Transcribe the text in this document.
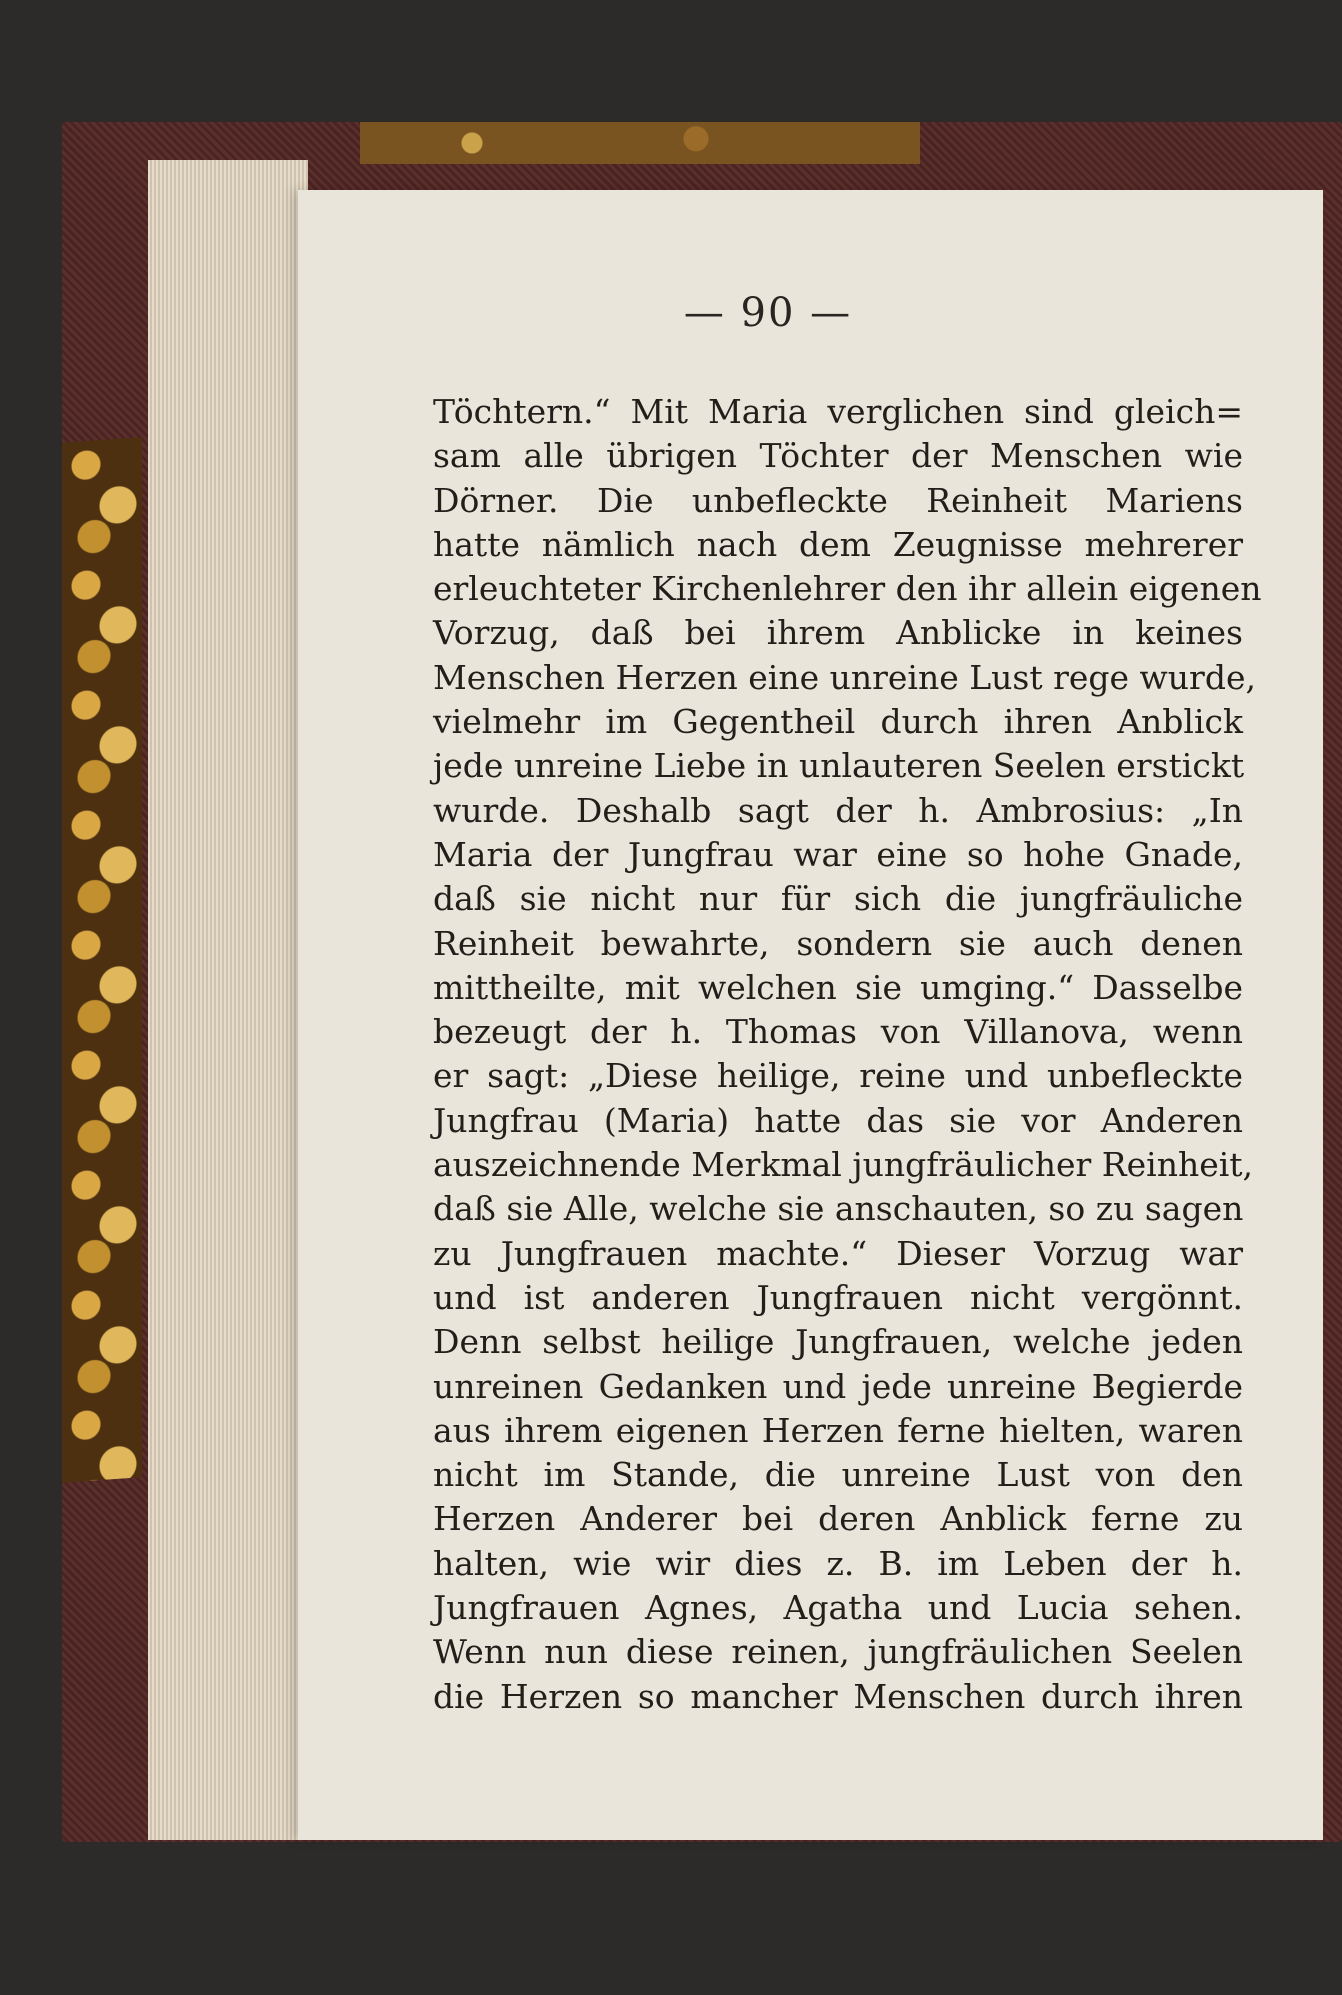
— 90 —
Töchtern.“ Mit Maria verglichen sind gleich=
sam alle übrigen Töchter der Menschen wie
Dörner. Die unbefleckte Reinheit Mariens
hatte nämlich nach dem Zeugnisse mehrerer
erleuchteter Kirchenlehrer den ihr allein eigenen
Vorzug, daß bei ihrem Anblicke in keines
Menschen Herzen eine unreine Lust rege wurde,
vielmehr im Gegentheil durch ihren Anblick
jede unreine Liebe in unlauteren Seelen erstickt
wurde. Deshalb sagt der h. Ambrosius: „In
Maria der Jungfrau war eine so hohe Gnade,
daß sie nicht nur für sich die jungfräuliche
Reinheit bewahrte, sondern sie auch denen
mittheilte, mit welchen sie umging.“ Dasselbe
bezeugt der h. Thomas von Villanova, wenn
er sagt: „Diese heilige, reine und unbefleckte
Jungfrau (Maria) hatte das sie vor Anderen
auszeichnende Merkmal jungfräulicher Reinheit,
daß sie Alle, welche sie anschauten, so zu sagen
zu Jungfrauen machte.“ Dieser Vorzug war
und ist anderen Jungfrauen nicht vergönnt.
Denn selbst heilige Jungfrauen, welche jeden
unreinen Gedanken und jede unreine Begierde
aus ihrem eigenen Herzen ferne hielten, waren
nicht im Stande, die unreine Lust von den
Herzen Anderer bei deren Anblick ferne zu
halten, wie wir dies z. B. im Leben der h.
Jungfrauen Agnes, Agatha und Lucia sehen.
Wenn nun diese reinen, jungfräulichen Seelen
die Herzen so mancher Menschen durch ihren
